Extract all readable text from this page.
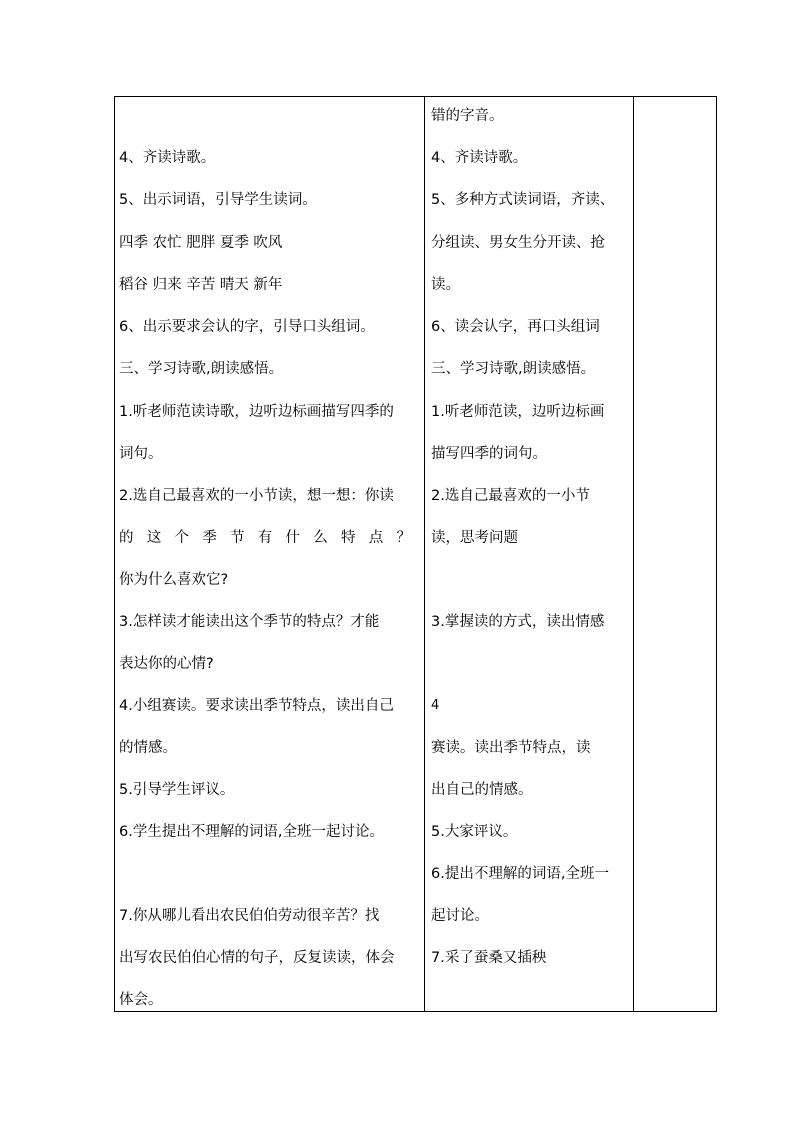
4、齐读诗歌。
5、出示词语，引导学生读词。
四季 农忙 肥胖 夏季 吹风
稻谷 归来 辛苦 晴天 新年
6、出示要求会认的字，引导口头组词。
三、学习诗歌,朗读感悟。
1.听老师范读诗歌，边听边标画描写四季的
词句。
2.选自己最喜欢的一小节读，想一想：你读
的 这 个 季 节 有 什 么 特 点 ？
你为什么喜欢它?
3.怎样读才能读出这个季节的特点？才能
表达你的心情?
4.小组赛读。要求读出季节特点，读出自己
的情感。
5.引导学生评议。
6.学生提出不理解的词语,全班一起讨论。
7.你从哪儿看出农民伯伯劳动很辛苦？找
出写农民伯伯心情的句子，反复读读，体会
体会。
错的字音。
4、齐读诗歌。
5、多种方式读词语，齐读、
分组读、男女生分开读、抢
读。
6、读会认字，再口头组词
三、学习诗歌,朗读感悟。
1.听老师范读，边听边标画
描写四季的词句。
2.选自己最喜欢的一小节
读，思考问题
3.掌握读的方式，读出情感
4
赛读。读出季节特点，读
出自己的情感。
5.大家评议。
6.提出不理解的词语,全班一
起讨论。
7.采了蚕桑又插秧
